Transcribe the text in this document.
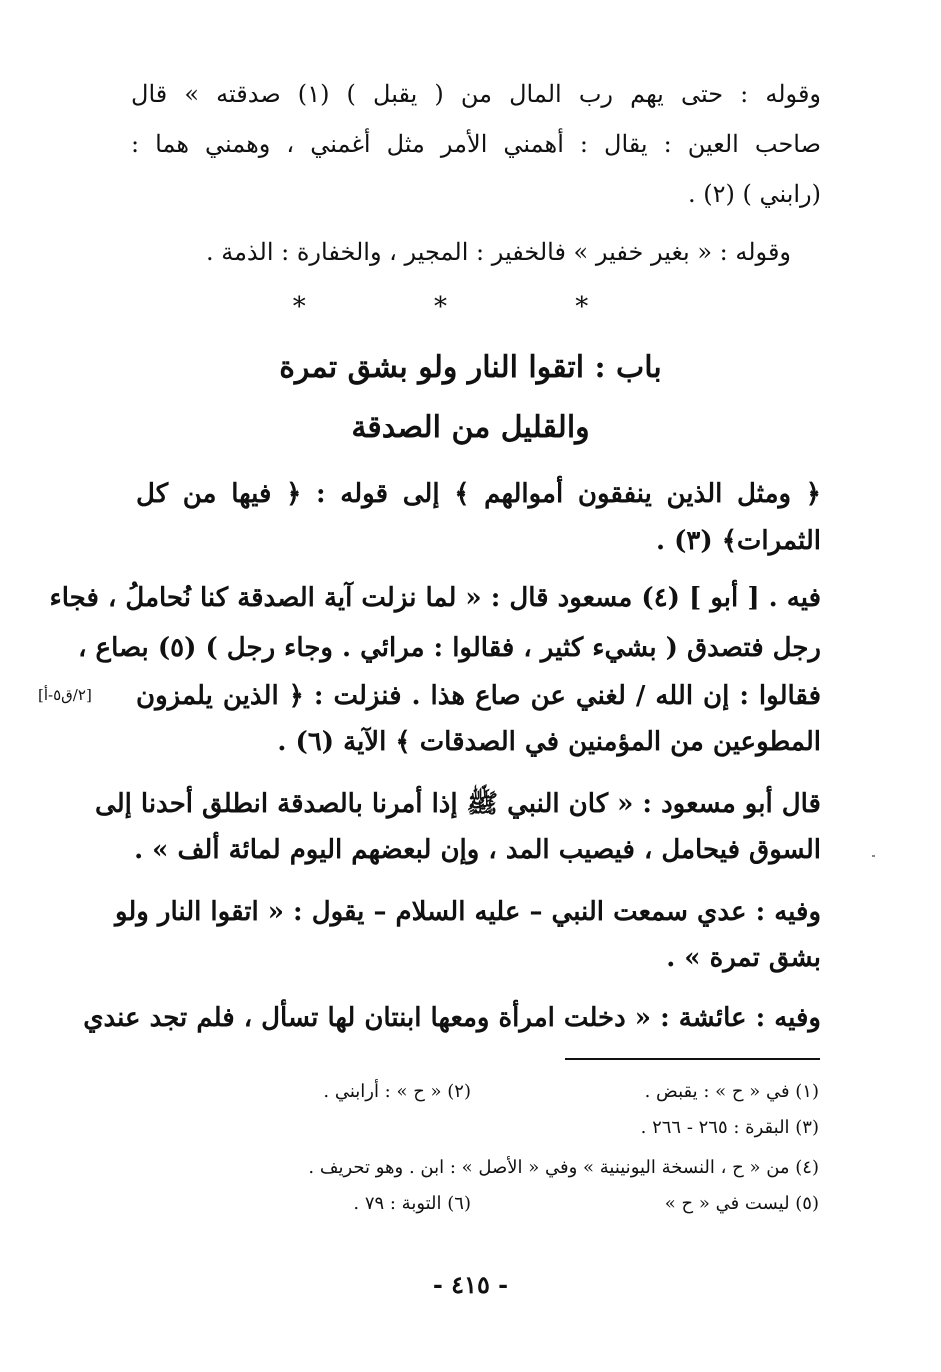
وقوله : حتى يهم رب المال من ( يقبل ) (١) صدقته » قال
صاحب العين : يقال : أهمني الأمر مثل أغمني ، وهمني هما :
(رابني ) (٢) .
وقوله : « بغير خفير » فالخفير : المجير ، والخفارة : الذمة .
* * *
باب : اتقوا النار ولو بشق تمرة
والقليل من الصدقة
﴿ ومثل الذين ينفقون أموالهم ﴾ إلى قوله : ﴿ فيها من كل
الثمرات﴾ (٣) .
فيه . [ أبو ] (٤) مسعود قال : « لما نزلت آية الصدقة كنا نُحاملُ ، فجاء
رجل فتصدق ( بشيء كثير ، فقالوا : مرائي . وجاء رجل ) (٥) بصاع ،
فقالوا : إن الله / لغني عن صاع هذا . فنزلت : ﴿ الذين يلمزون
المطوعين من المؤمنين في الصدقات ﴾ الآية (٦) .
[٢/ق٥-أ]
قال أبو مسعود : « كان النبي ﷺ إذا أمرنا بالصدقة انطلق أحدنا إلى
السوق فيحامل ، فيصيب المد ، وإن لبعضهم اليوم لمائة ألف » .
وفيه : عدي سمعت النبي – عليه السلام – يقول : « اتقوا النار ولو
بشق تمرة » .
وفيه : عائشة : « دخلت امرأة ومعها ابنتان لها تسأل ، فلم تجد عندي
(١) في « ح » : يقبض .
(٢) « ح » : أرابني .
(٣) البقرة : ٢٦٥ - ٢٦٦ .
(٤) من « ح ، النسخة اليونينية » وفي « الأصل » : ابن . وهو تحريف .
(٥) ليست في « ح »
(٦) التوبة : ٧٩ .
- ٤١٥ -
